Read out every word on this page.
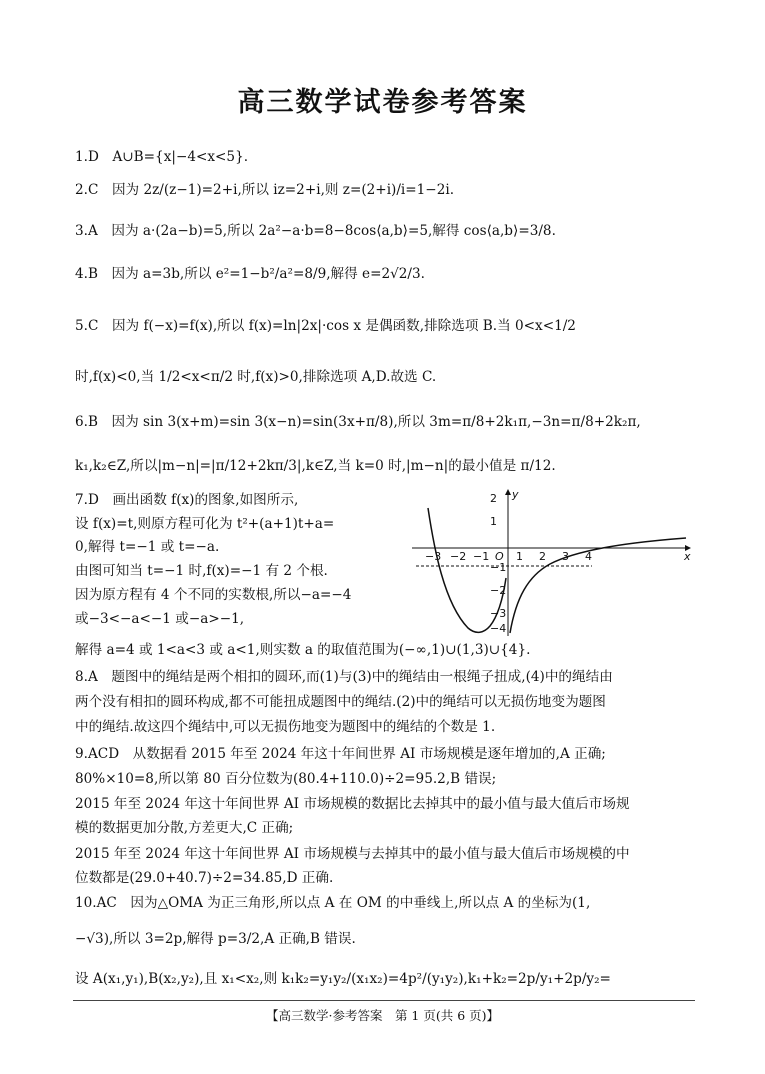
高三数学试卷参考答案
1.D　A∪B={x|−4<x<5}.
2.C　因为 2z/(z−1)=2+i,所以 iz=2+i,则 z=(2+i)/i=1−2i.
3.A　因为 a·(2a−b)=5,所以 2a²−a·b=8−8cos⟨a,b⟩=5,解得 cos⟨a,b⟩=3/8.
4.B　因为 a=3b,所以 e²=1−b²/a²=8/9,解得 e=2√2/3.
5.C　因为 f(−x)=f(x),所以 f(x)=ln|2x|·cos x 是偶函数,排除选项 B.当 0<x<1/2
时,f(x)<0,当 1/2<x<π/2 时,f(x)>0,排除选项 A,D.故选 C.
6.B　因为 sin 3(x+m)=sin 3(x−n)=sin(3x+π/8),所以 3m=π/8+2k₁π,−3n=π/8+2k₂π,
k₁,k₂∈Z,所以|m−n|=|π/12+2kπ/3|,k∈Z,当 k=0 时,|m−n|的最小值是 π/12.
7.D　画出函数 f(x)的图象,如图所示,
设 f(x)=t,则原方程可化为 t²+(a+1)t+a=
0,解得 t=−1 或 t=−a.
由图可知当 t=−1 时,f(x)=−1 有 2 个根.
因为原方程有 4 个不同的实数根,所以−a=−4
或−3<−a<−1 或−a>−1,
解得 a=4 或 1<a<3 或 a<1,则实数 a 的取值范围为(−∞,1)∪(1,3)∪{4}.
8.A　题图中的绳结是两个相扣的圆环,而(1)与(3)中的绳结由一根绳子扭成,(4)中的绳结由
两个没有相扣的圆环构成,都不可能扭成题图中的绳结.(2)中的绳结可以无损伤地变为题图
中的绳结.故这四个绳结中,可以无损伤地变为题图中的绳结的个数是 1.
9.ACD　从数据看 2015 年至 2024 年这十年间世界 AI 市场规模是逐年增加的,A 正确;
80%×10=8,所以第 80 百分位数为(80.4+110.0)÷2=95.2,B 错误;
2015 年至 2024 年这十年间世界 AI 市场规模的数据比去掉其中的最小值与最大值后市场规
模的数据更加分散,方差更大,C 正确;
2015 年至 2024 年这十年间世界 AI 市场规模与去掉其中的最小值与最大值后市场规模的中
位数都是(29.0+40.7)÷2=34.85,D 正确.
10.AC　因为△OMA 为正三角形,所以点 A 在 OM 的中垂线上,所以点 A 的坐标为(1,
−√3),所以 3=2p,解得 p=3/2,A 正确,B 错误.
设 A(x₁,y₁),B(x₂,y₂),且 x₁<x₂,则 k₁k₂=y₁y₂/(x₁x₂)=4p²/(y₁y₂),k₁+k₂=2p/y₁+2p/y₂=
−3 −2 −1 1 2 3 4
2
1
−1
−2
−3
−4
O	x
y
【高三数学·参考答案　第 1 页(共 6 页)】
